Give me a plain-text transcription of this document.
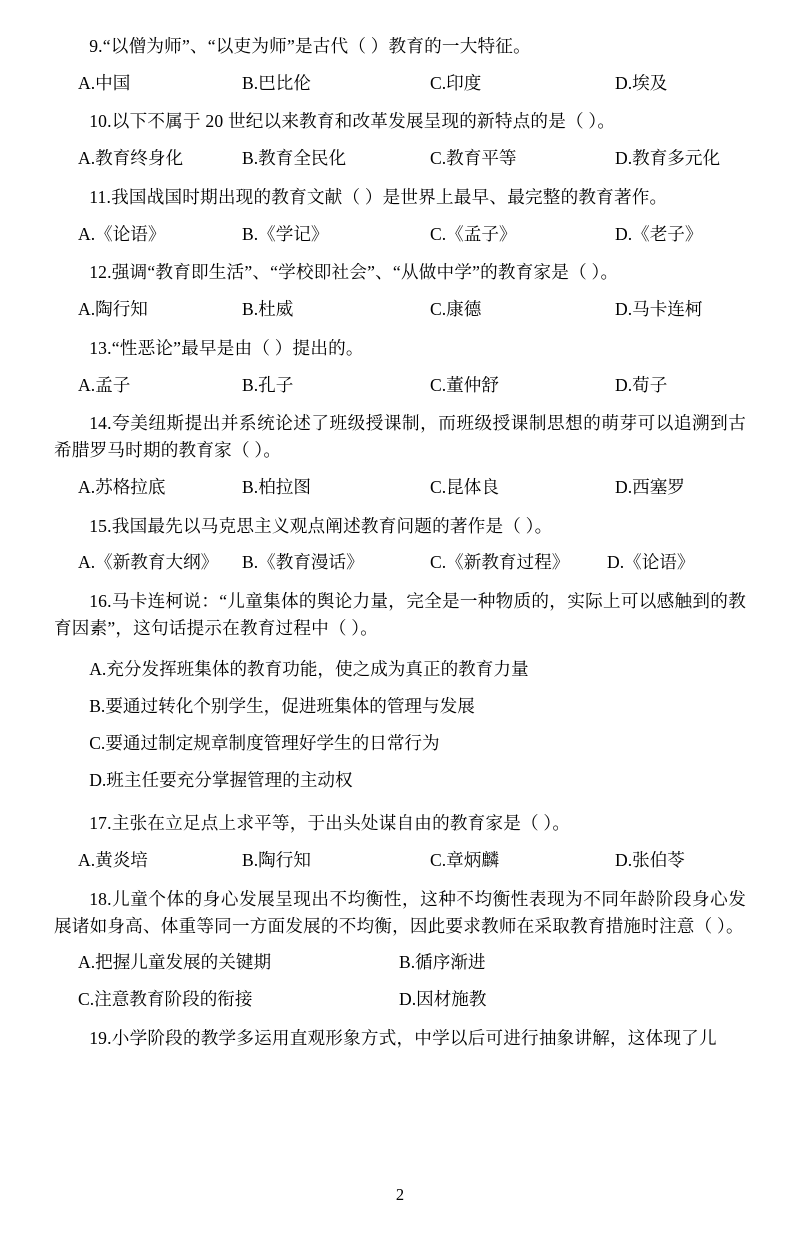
9.“以僧为师”、“以吏为师”是古代（ ）教育的一大特征。
A.中国	B.巴比伦	C.印度	D.埃及
10.以下不属于 20 世纪以来教育和改革发展呈现的新特点的是（ ）。
A.教育终身化	B.教育全民化	C.教育平等	D.教育多元化
11.我国战国时期出现的教育文献（ ）是世界上最早、最完整的教育著作。
A.《论语》	B.《学记》	C.《孟子》	D.《老子》
12.强调“教育即生活”、“学校即社会”、“从做中学”的教育家是（ ）。
A.陶行知	B.杜威	C.康德	D.马卡连柯
13.“性恶论”最早是由（ ）提出的。
A.孟子	B.孔子	C.董仲舒	D.荀子
14.夸美纽斯提出并系统论述了班级授课制，而班级授课制思想的萌芽可以追溯到古希腊罗马时期的教育家（ ）。
A.苏格拉底	B.柏拉图	C.昆体良	D.西塞罗
15.我国最先以马克思主义观点阐述教育问题的著作是（ ）。
A.《新教育大纲》	B.《教育漫话》	C.《新教育过程》	D.《论语》
16.马卡连柯说：“儿童集体的舆论力量，完全是一种物质的，实际上可以感触到的教育因素”，这句话提示在教育过程中（ ）。
A.充分发挥班集体的教育功能，使之成为真正的教育力量
B.要通过转化个别学生，促进班集体的管理与发展
C.要通过制定规章制度管理好学生的日常行为
D.班主任要充分掌握管理的主动权
17.主张在立足点上求平等，于出头处谋自由的教育家是（ ）。
A.黄炎培	B.陶行知	C.章炳麟	D.张伯苓
18.儿童个体的身心发展呈现出不均衡性，这种不均衡性表现为不同年龄阶段身心发展诸如身高、体重等同一方面发展的不均衡，因此要求教师在采取教育措施时注意（ ）。
A.把握儿童发展的关键期	B.循序渐进
C.注意教育阶段的衔接	D.因材施教
19.小学阶段的教学多运用直观形象方式，中学以后可进行抽象讲解，这体现了儿
2
